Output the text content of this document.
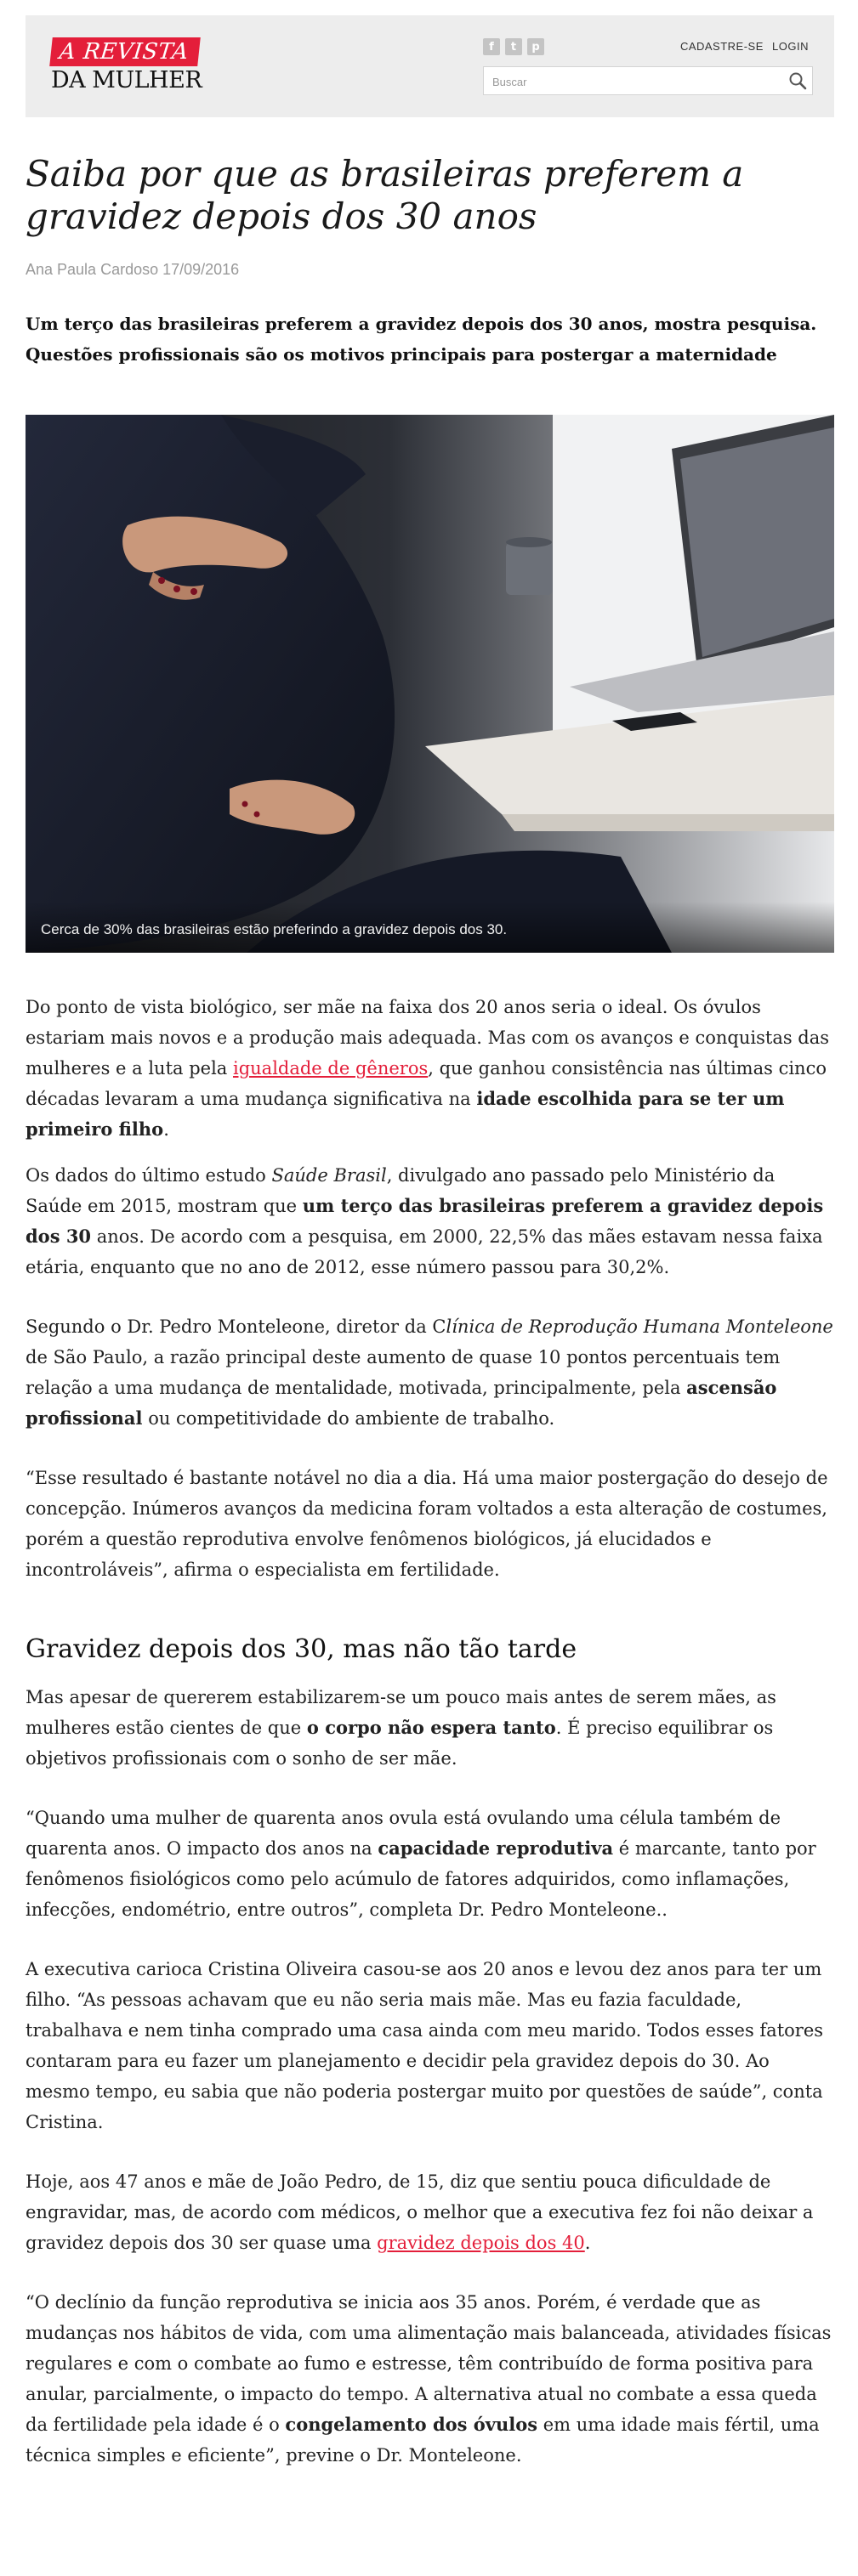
A REVISTA
DA MULHER
f	t	p	CADASTRE-SE LOGIN
Buscar
Saiba por que as brasileiras preferem a gravidez depois dos 30 anos
Ana Paula Cardoso 17/09/2016

Um terço das brasileiras preferem a gravidez depois dos 30 anos, mostra pesquisa. Questões profissionais são os motivos principais para postergar a maternidade

Cerca de 30% das brasileiras estão preferindo a gravidez depois dos 30.

Do ponto de vista biológico, ser mãe na faixa dos 20 anos seria o ideal. Os óvulos estariam mais novos e a produção mais adequada. Mas com os avanços e conquistas das mulheres e a luta pela igualdade de gêneros, que ganhou consistência nas últimas cinco décadas levaram a uma mudança significativa na idade escolhida para se ter um primeiro filho.

Os dados do último estudo Saúde Brasil, divulgado ano passado pelo Ministério da Saúde em 2015, mostram que um terço das brasileiras preferem a gravidez depois dos 30 anos. De acordo com a pesquisa, em 2000, 22,5% das mães estavam nessa faixa etária, enquanto que no ano de 2012, esse número passou para 30,2%.

Segundo o Dr. Pedro Monteleone, diretor da Clínica de Reprodução Humana Monteleone de São Paulo, a razão principal deste aumento de quase 10 pontos percentuais tem relação a uma mudança de mentalidade, motivada, principalmente, pela ascensão profissional ou competitividade do ambiente de trabalho.

“Esse resultado é bastante notável no dia a dia. Há uma maior postergação do desejo de concepção. Inúmeros avanços da medicina foram voltados a esta alteração de costumes, porém a questão reprodutiva envolve fenômenos biológicos, já elucidados e incontroláveis”, afirma o especialista em fertilidade.

Gravidez depois dos 30, mas não tão tarde

Mas apesar de quererem estabilizarem-se um pouco mais antes de serem mães, as mulheres estão cientes de que o corpo não espera tanto. É preciso equilibrar os objetivos profissionais com o sonho de ser mãe.

“Quando uma mulher de quarenta anos ovula está ovulando uma célula também de quarenta anos. O impacto dos anos na capacidade reprodutiva é marcante, tanto por fenômenos fisiológicos como pelo acúmulo de fatores adquiridos, como inflamações, infecções, endométrio, entre outros”, completa Dr. Pedro Monteleone..

A executiva carioca Cristina Oliveira casou-se aos 20 anos e levou dez anos para ter um filho. “As pessoas achavam que eu não seria mais mãe. Mas eu fazia faculdade, trabalhava e nem tinha comprado uma casa ainda com meu marido. Todos esses fatores contaram para eu fazer um planejamento e decidir pela gravidez depois do 30. Ao mesmo tempo, eu sabia que não poderia postergar muito por questões de saúde”, conta Cristina.

Hoje, aos 47 anos e mãe de João Pedro, de 15, diz que sentiu pouca dificuldade de engravidar, mas, de acordo com médicos, o melhor que a executiva fez foi não deixar a gravidez depois dos 30 ser quase uma gravidez depois dos 40.

“O declínio da função reprodutiva se inicia aos 35 anos. Porém, é verdade que as mudanças nos hábitos de vida, com uma alimentação mais balanceada, atividades físicas regulares e com o combate ao fumo e estresse, têm contribuído de forma positiva para anular, parcialmente, o impacto do tempo. A alternativa atual no combate a essa queda da fertilidade pela idade é o congelamento dos óvulos em uma idade mais fértil, uma técnica simples e eficiente”, previne o Dr. Monteleone.
